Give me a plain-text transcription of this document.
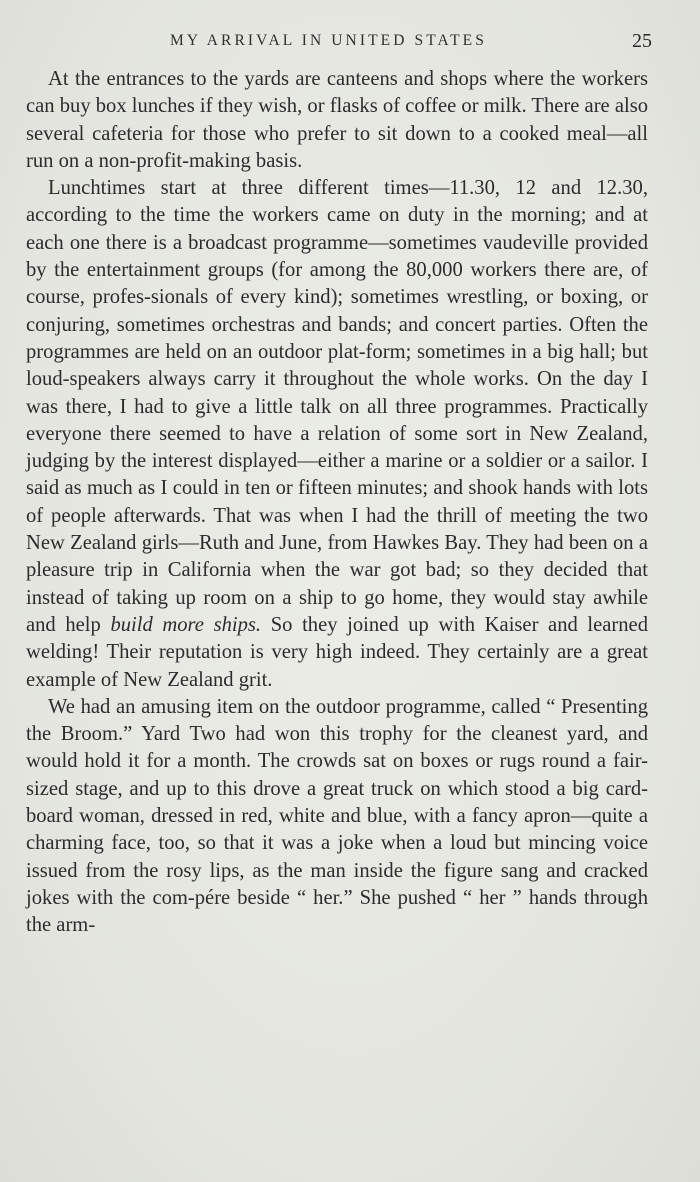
MY ARRIVAL IN UNITED STATES	25

At the entrances to the yards are canteens and shops where the workers can buy box lunches if they wish, or flasks of coffee or milk. There are also several cafeteria for those who prefer to sit down to a cooked meal—all run on a non-profit-making basis.

Lunchtimes start at three different times—11.30, 12 and 12.30, according to the time the workers came on duty in the morning; and at each one there is a broadcast programme—sometimes vaudeville provided by the entertainment groups (for among the 80,000 workers there are, of course, profes-sionals of every kind); sometimes wrestling, or boxing, or conjuring, sometimes orchestras and bands; and concert parties. Often the programmes are held on an outdoor plat-form; sometimes in a big hall; but loud-speakers always carry it throughout the whole works. On the day I was there, I had to give a little talk on all three programmes. Practically everyone there seemed to have a relation of some sort in New Zealand, judging by the interest displayed—either a marine or a soldier or a sailor. I said as much as I could in ten or fifteen minutes; and shook hands with lots of people afterwards. That was when I had the thrill of meeting the two New Zealand girls—Ruth and June, from Hawkes Bay. They had been on a pleasure trip in California when the war got bad; so they decided that instead of taking up room on a ship to go home, they would stay awhile and help build more ships. So they joined up with Kaiser and learned welding! Their reputation is very high indeed. They certainly are a great example of New Zealand grit.

We had an amusing item on the outdoor programme, called “ Presenting the Broom.” Yard Two had won this trophy for the cleanest yard, and would hold it for a month. The crowds sat on boxes or rugs round a fair-sized stage, and up to this drove a great truck on which stood a big card-board woman, dressed in red, white and blue, with a fancy apron—quite a charming face, too, so that it was a joke when a loud but mincing voice issued from the rosy lips, as the man inside the figure sang and cracked jokes with the com-pére beside “ her.” She pushed “ her ” hands through the arm-
